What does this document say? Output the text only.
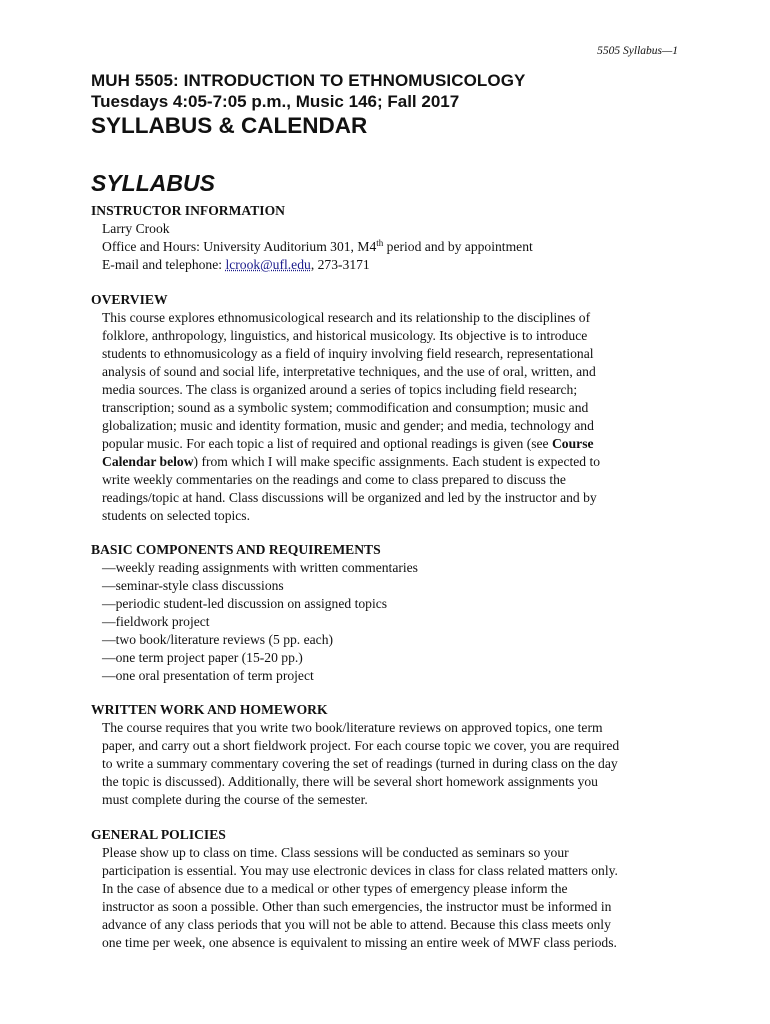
5505 Syllabus—1
MUH 5505: INTRODUCTION TO ETHNOMUSICOLOGY
Tuesdays 4:05-7:05 p.m., Music 146; Fall 2017
SYLLABUS & CALENDAR
SYLLABUS
INSTRUCTOR INFORMATION
Larry Crook
Office and Hours: University Auditorium 301, M4th period and by appointment
E-mail and telephone: lcrook@ufl.edu, 273-3171
OVERVIEW
This course explores ethnomusicological research and its relationship to the disciplines of
folklore, anthropology, linguistics, and historical musicology. Its objective is to introduce
students to ethnomusicology as a field of inquiry involving field research, representational
analysis of sound and social life, interpretative techniques, and the use of oral, written, and
media sources. The class is organized around a series of topics including field research;
transcription; sound as a symbolic system; commodification and consumption; music and
globalization; music and identity formation, music and gender; and media, technology and
popular music. For each topic a list of required and optional readings is given (see Course
Calendar below) from which I will make specific assignments. Each student is expected to
write weekly commentaries on the readings and come to class prepared to discuss the
readings/topic at hand. Class discussions will be organized and led by the instructor and by
students on selected topics.
BASIC COMPONENTS AND REQUIREMENTS
—weekly reading assignments with written commentaries
—seminar-style class discussions
—periodic student-led discussion on assigned topics
—fieldwork project
—two book/literature reviews (5 pp. each)
—one term project paper (15-20 pp.)
—one oral presentation of term project
WRITTEN WORK AND HOMEWORK
The course requires that you write two book/literature reviews on approved topics, one term
paper, and carry out a short fieldwork project. For each course topic we cover, you are required
to write a summary commentary covering the set of readings (turned in during class on the day
the topic is discussed). Additionally, there will be several short homework assignments you
must complete during the course of the semester.
GENERAL POLICIES
Please show up to class on time. Class sessions will be conducted as seminars so your
participation is essential. You may use electronic devices in class for class related matters only.
In the case of absence due to a medical or other types of emergency please inform the
instructor as soon a possible. Other than such emergencies, the instructor must be informed in
advance of any class periods that you will not be able to attend. Because this class meets only
one time per week, one absence is equivalent to missing an entire week of MWF class periods.
